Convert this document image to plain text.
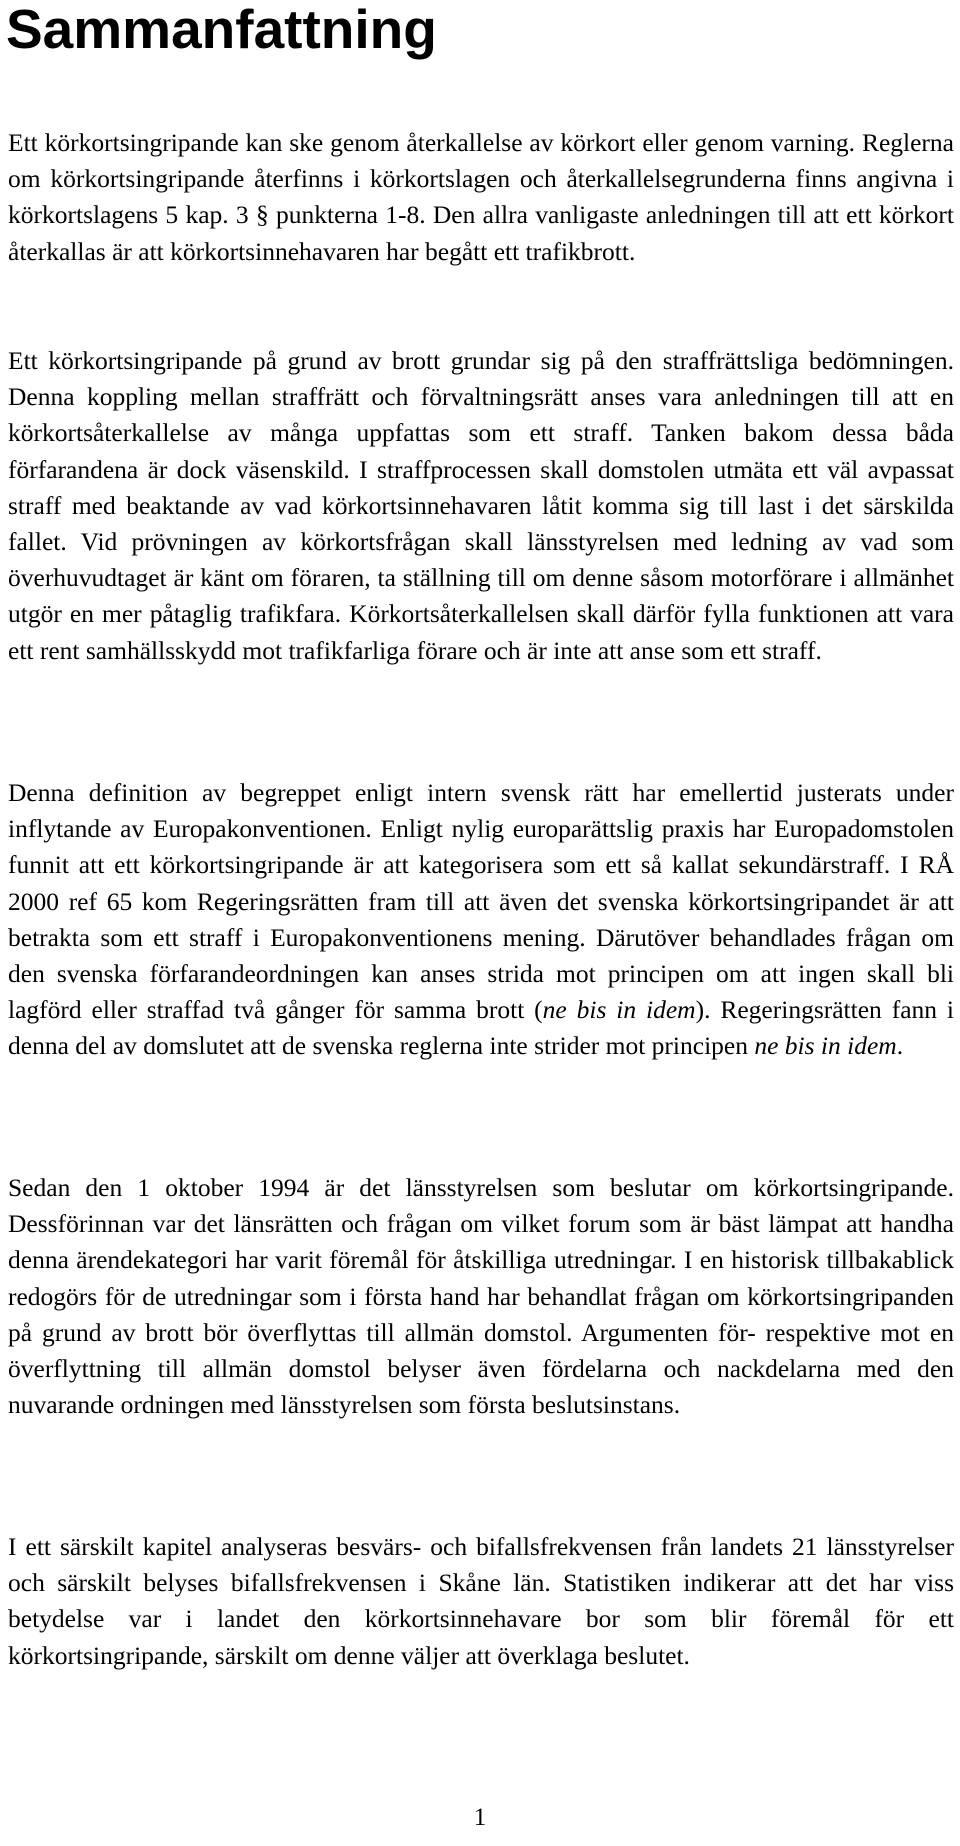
Sammanfattning

Ett körkortsingripande kan ske genom återkallelse av körkort eller genom varning. Reglerna om körkortsingripande återfinns i körkortslagen och återkallelsegrunderna finns angivna i körkortslagens 5 kap. 3 § punkterna 1-8. Den allra vanligaste anledningen till att ett körkort återkallas är att körkortsinnehavaren har begått ett trafikbrott.

Ett körkortsingripande på grund av brott grundar sig på den straffrättsliga bedömningen. Denna koppling mellan straffrätt och förvaltningsrätt anses vara anledningen till att en körkortsåterkallelse av många uppfattas som ett straff. Tanken bakom dessa båda förfarandena är dock väsenskild. I straffprocessen skall domstolen utmäta ett väl avpassat straff med beaktande av vad körkortsinnehavaren låtit komma sig till last i det särskilda fallet. Vid prövningen av körkortsfrågan skall länsstyrelsen med ledning av vad som överhuvudtaget är känt om föraren, ta ställning till om denne såsom motorförare i allmänhet utgör en mer påtaglig trafikfara. Körkortsåterkallelsen skall därför fylla funktionen att vara ett rent samhällsskydd mot trafikfarliga förare och är inte att anse som ett straff.

Denna definition av begreppet enligt intern svensk rätt har emellertid justerats under inflytande av Europakonventionen. Enligt nylig europarättslig praxis har Europadomstolen funnit att ett körkortsingripande är att kategorisera som ett så kallat sekundärstraff. I RÅ 2000 ref 65 kom Regeringsrätten fram till att även det svenska körkortsingripandet är att betrakta som ett straff i Europakonventionens mening. Därutöver behandlades frågan om den svenska förfarandeordningen kan anses strida mot principen om att ingen skall bli lagförd eller straffad två gånger för samma brott (ne bis in idem). Regeringsrätten fann i denna del av domslutet att de svenska reglerna inte strider mot principen ne bis in idem.

Sedan den 1 oktober 1994 är det länsstyrelsen som beslutar om körkortsingripande. Dessförinnan var det länsrätten och frågan om vilket forum som är bäst lämpat att handha denna ärendekategori har varit föremål för åtskilliga utredningar. I en historisk tillbakablick redogörs för de utredningar som i första hand har behandlat frågan om körkortsingripanden på grund av brott bör överflyttas till allmän domstol. Argumenten för- respektive mot en överflyttning till allmän domstol belyser även fördelarna och nackdelarna med den nuvarande ordningen med länsstyrelsen som första beslutsinstans.

I ett särskilt kapitel analyseras besvärs- och bifallsfrekvensen från landets 21 länsstyrelser och särskilt belyses bifallsfrekvensen i Skåne län. Statistiken indikerar att det har viss betydelse var i landet den körkortsinnehavare bor som blir föremål för ett körkortsingripande, särskilt om denne väljer att överklaga beslutet.

1
